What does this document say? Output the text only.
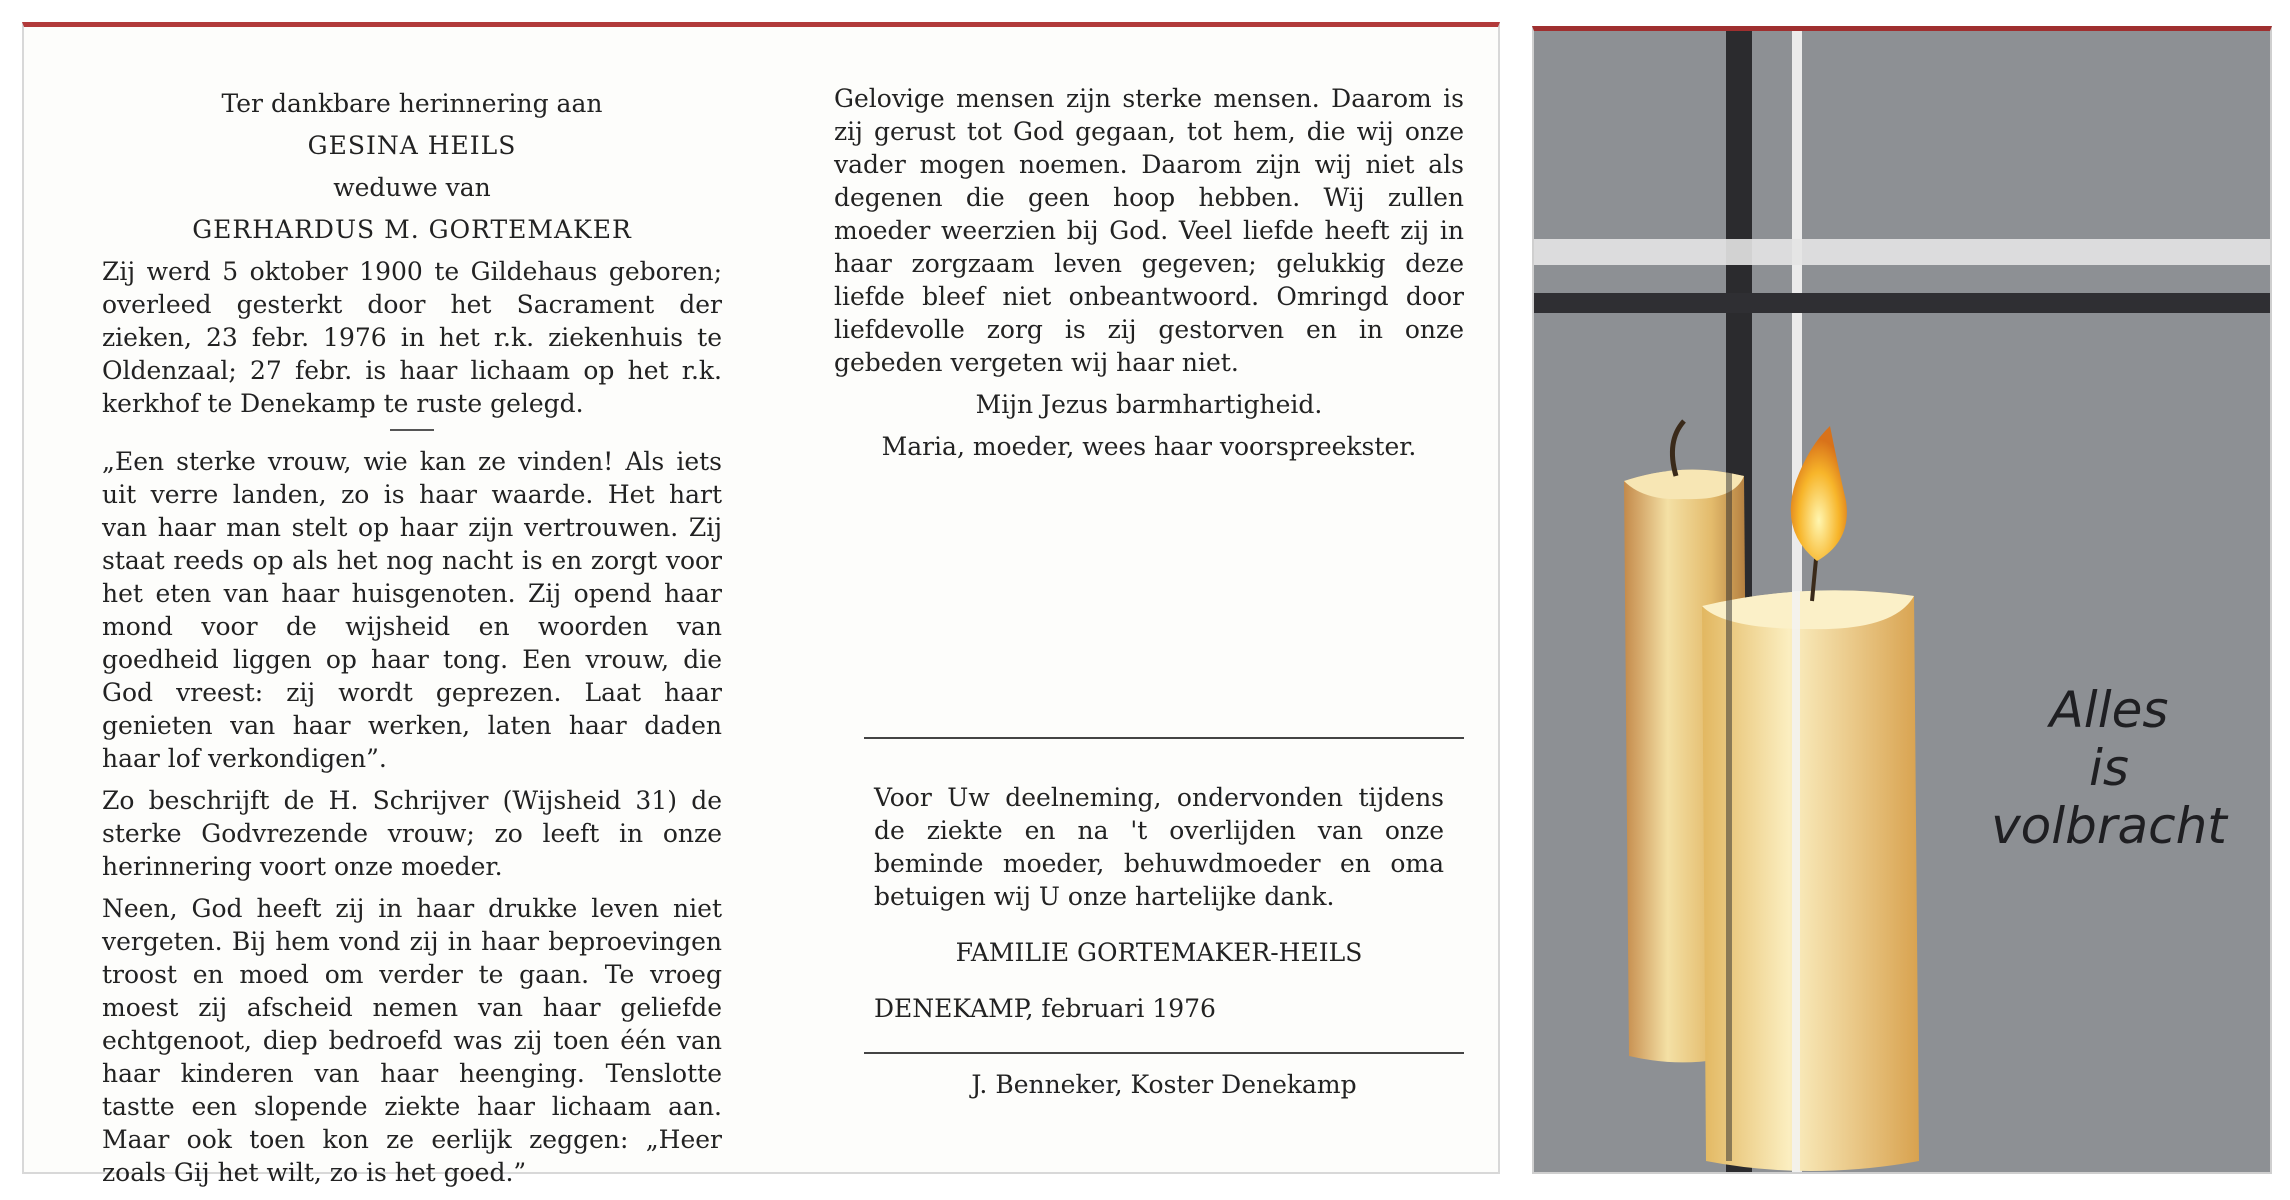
Ter dankbare herinnering aan

GESINA HEILS

weduwe van

GERHARDUS M. GORTEMAKER

Zij werd 5 oktober 1900 te Gildehaus geboren; overleed gesterkt door het Sacrament der zieken, 23 febr. 1976 in het r.k. ziekenhuis te Oldenzaal; 27 febr. is haar lichaam op het r.k. kerkhof te Denekamp te ruste gelegd.

„Een sterke vrouw, wie kan ze vinden! Als iets uit verre landen, zo is haar waarde. Het hart van haar man stelt op haar zijn vertrouwen. Zij staat reeds op als het nog nacht is en zorgt voor het eten van haar huisgenoten. Zij opend haar mond voor de wijsheid en woorden van goedheid liggen op haar tong. Een vrouw, die God vreest: zij wordt geprezen. Laat haar genieten van haar werken, laten haar daden haar lof verkondigen”.

Zo beschrijft de H. Schrijver (Wijsheid 31) de sterke Godvrezende vrouw; zo leeft in onze herinnering voort onze moeder.

Neen, God heeft zij in haar drukke leven niet vergeten. Bij hem vond zij in haar beproevingen troost en moed om verder te gaan. Te vroeg moest zij afscheid nemen van haar geliefde echtgenoot, diep bedroefd was zij toen één van haar kinderen van haar heenging. Tenslotte tastte een slopende ziekte haar lichaam aan. Maar ook toen kon ze eerlijk zeggen: „Heer zoals Gij het wilt, zo is het goed.”

Gelovige mensen zijn sterke mensen. Daarom is zij gerust tot God gegaan, tot hem, die wij onze vader mogen noemen. Daarom zijn wij niet als degenen die geen hoop hebben. Wij zullen moeder weerzien bij God. Veel liefde heeft zij in haar zorgzaam leven gegeven; gelukkig deze liefde bleef niet onbeantwoord. Omringd door liefdevolle zorg is zij gestorven en in onze gebeden vergeten wij haar niet.

Mijn Jezus barmhartigheid.

Maria, moeder, wees haar voorspreekster.

Voor Uw deelneming, ondervonden tijdens de ziekte en na 't overlijden van onze beminde moeder, behuwdmoeder en oma betuigen wij U onze hartelijke dank.

FAMILIE GORTEMAKER-HEILS

DENEKAMP, februari 1976

J. Benneker, Koster Denekamp

Alles
is
volbracht
